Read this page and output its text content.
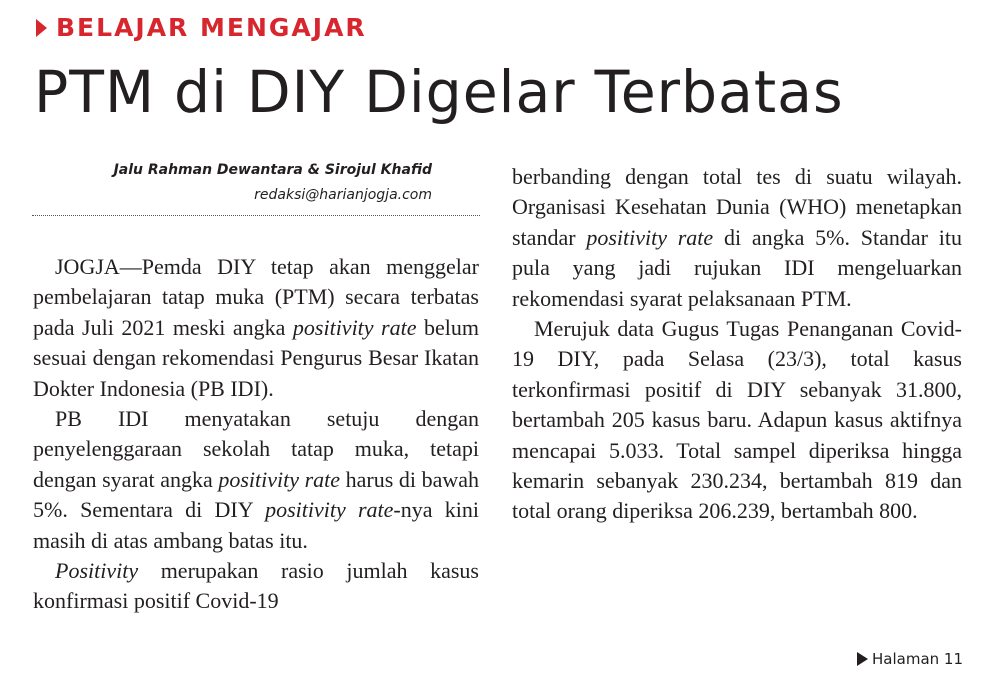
BELAJAR MENGAJAR
PTM di DIY Digelar Terbatas
Jalu Rahman Dewantara & Sirojul Khafid
redaksi@harianjogja.com

JOGJA—Pemda DIY tetap akan menggelar pembelajaran tatap muka (PTM) secara terbatas pada Juli 2021 meski angka positivity rate belum sesuai dengan rekomendasi Pengurus Besar Ikatan Dokter Indonesia (PB IDI).

PB IDI menyatakan setuju dengan penyelenggaraan sekolah tatap muka, tetapi dengan syarat angka positivity rate harus di bawah 5%. Sementara di DIY positivity rate-nya kini masih di atas ambang batas itu.

Positivity merupakan rasio jumlah kasus konfirmasi positif Covid-19

berbanding dengan total tes di suatu wilayah. Organisasi Kesehatan Dunia (WHO) menetapkan standar positivity rate di angka 5%. Standar itu pula yang jadi rujukan IDI mengeluarkan rekomendasi syarat pelaksanaan PTM.

Merujuk data Gugus Tugas Penanganan Covid-19 DIY, pada Selasa (23/3), total kasus terkonfirmasi positif di DIY sebanyak 31.800, bertambah 205 kasus baru. Adapun kasus aktifnya mencapai 5.033. Total sampel diperiksa hingga kemarin sebanyak 230.234, bertambah 819 dan total orang diperiksa 206.239, bertambah 800.

Halaman 11
